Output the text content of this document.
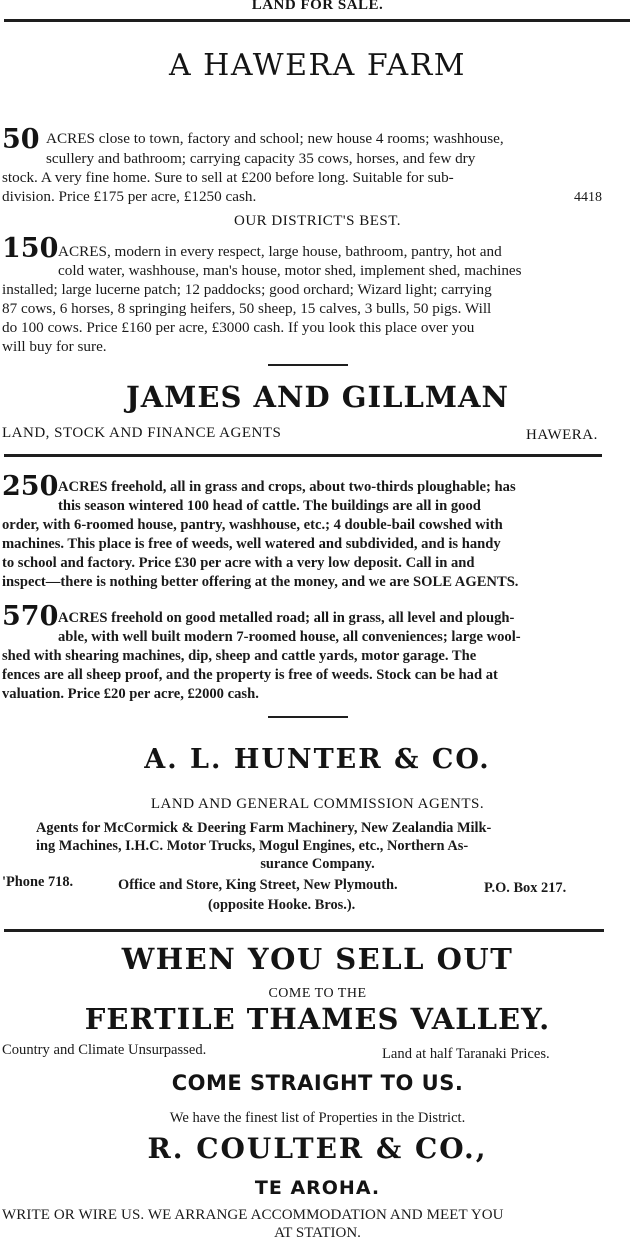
LAND FOR SALE.
A HAWERA FARM
50 ACRES close to town, factory and school; new house 4 rooms; washhouse,
scullery and bathroom; carrying capacity 35 cows, horses, and few dry
stock. A very fine home. Sure to sell at £200 before long. Suitable for sub-
division. Price £175 per acre, £1250 cash.	4418
OUR DISTRICT'S BEST.
150 ACRES, modern in every respect, large house, bathroom, pantry, hot and
cold water, washhouse, man's house, motor shed, implement shed, machines
installed; large lucerne patch; 12 paddocks; good orchard; Wizard light; carrying
87 cows, 6 horses, 8 springing heifers, 50 sheep, 15 calves, 3 bulls, 50 pigs. Will
do 100 cows. Price £160 per acre, £3000 cash. If you look this place over you
will buy for sure.
JAMES AND GILLMAN
LAND, STOCK AND FINANCE AGENTS	HAWERA.
250 ACRES freehold, all in grass and crops, about two-thirds ploughable; has
this season wintered 100 head of cattle. The buildings are all in good
order, with 6-roomed house, pantry, washhouse, etc.; 4 double-bail cowshed with
machines. This place is free of weeds, well watered and subdivided, and is handy
to school and factory. Price £30 per acre with a very low deposit. Call in and
inspect—there is nothing better offering at the money, and we are SOLE AGENTS.
570 ACRES freehold on good metalled road; all in grass, all level and plough-
able, with well built modern 7-roomed house, all conveniences; large wool-
shed with shearing machines, dip, sheep and cattle yards, motor garage. The
fences are all sheep proof, and the property is free of weeds. Stock can be had at
valuation. Price £20 per acre, £2000 cash.
A. L. HUNTER & CO.
LAND AND GENERAL COMMISSION AGENTS.
Agents for McCormick & Deering Farm Machinery, New Zealandia Milk-
ing Machines, I.H.C. Motor Trucks, Mogul Engines, etc., Northern As-
surance Company.
'Phone 718.	Office and Store, King Street, New Plymouth.	P.O. Box 217.
(opposite Hooke. Bros.).
WHEN YOU SELL OUT
COME TO THE
FERTILE THAMES VALLEY.
Country and Climate Unsurpassed.	Land at half Taranaki Prices.
COME STRAIGHT TO US.
We have the finest list of Properties in the District.
R. COULTER & CO.,
TE AROHA.
WRITE OR WIRE US. WE ARRANGE ACCOMMODATION AND MEET YOU
AT STATION.
